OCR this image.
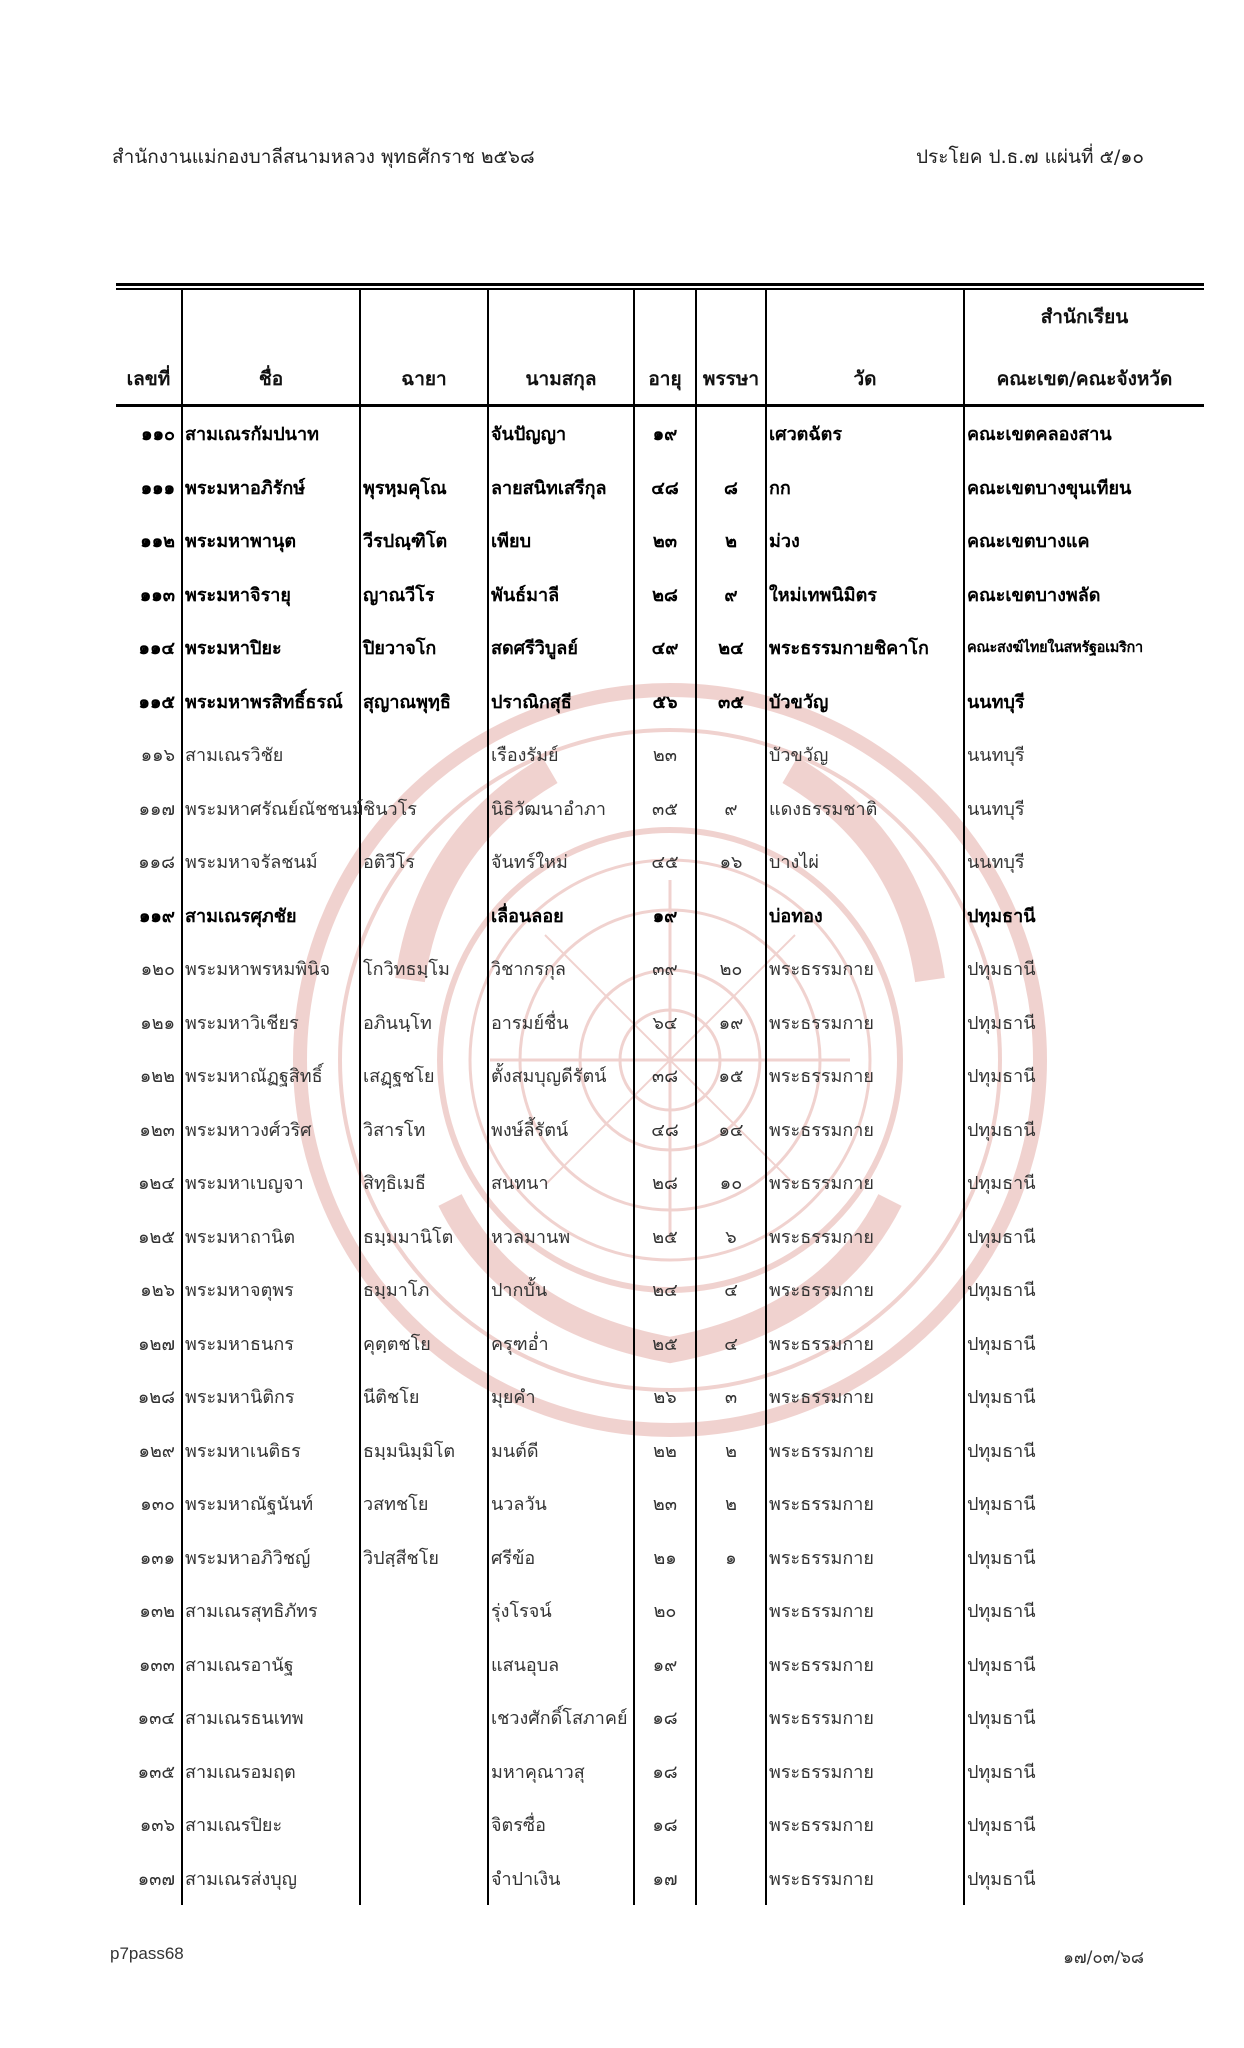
สำนักงานแม่กองบาลีสนามหลวง พุทธศักราช ๒๕๖๘	ประโยค ป.ธ.๗ แผ่นที่ ๕/๑๐
เลขที่	ชื่อ	ฉายา	นามสกุล	อายุ	พรรษา	วัด	สำนักเรียน
คณะเขต/คณะจังหวัด
๑๑๐	สามเณรกัมปนาท		จันปัญญา	๑๙		เศวตฉัตร	คณะเขตคลองสาน
๑๑๑	พระมหาอภิรักษ์	พุรหฺมคุโณ	ลายสนิทเสรีกุล	๔๘	๘	กก	คณะเขตบางขุนเทียน
๑๑๒	พระมหาพานุต	วีรปณฺฑิโต	เพียบ	๒๓	๒	ม่วง	คณะเขตบางแค
๑๑๓	พระมหาจิรายุ	ญาณวีโร	พันธ์มาลี	๒๘	๙	ใหม่เทพนิมิตร	คณะเขตบางพลัด
๑๑๔	พระมหาปิยะ	ปิยวาจโก	สดศรีวิบูลย์	๔๙	๒๔	พระธรรมกายชิคาโก	คณะสงฆ์ไทยในสหรัฐอเมริกา
๑๑๕	พระมหาพรสิทธิ์ธรณ์	สุญาณพุทฺธิ	ปราณิกสุธี	๕๖	๓๕	บัวขวัญ	นนทบุรี
๑๑๖	สามเณรวิชัย		เรืองรัมย์	๒๓		บัวขวัญ	นนทบุรี
๑๑๗	พระมหาศรัณย์ณัชชนม์	ชินวโร	นิธิวัฒนาอำภา	๓๕	๙	แดงธรรมชาติ	นนทบุรี
๑๑๘	พระมหาจรัลชนม์	อติวีโร	จันทร์ใหม่	๔๕	๑๖	บางไผ่	นนทบุรี
๑๑๙	สามเณรศุภชัย		เลื่อนลอย	๑๙		บ่อทอง	ปทุมธานี
๑๒๐	พระมหาพรหมพินิจ	โกวิทธมฺโม	วิชากรกุล	๓๙	๒๐	พระธรรมกาย	ปทุมธานี
๑๒๑	พระมหาวิเชียร	อภินนฺโท	อารมย์ชื่น	๖๔	๑๙	พระธรรมกาย	ปทุมธานี
๑๒๒	พระมหาณัฏฐสิทธิ์	เสฏฺฐชโย	ตั้งสมบุญดีรัตน์	๓๘	๑๕	พระธรรมกาย	ปทุมธานี
๑๒๓	พระมหาวงศ์วริศ	วิสารโท	พงษ์ลี้รัตน์	๔๘	๑๔	พระธรรมกาย	ปทุมธานี
๑๒๔	พระมหาเบญจา	สิทฺธิเมธี	สนทนา	๒๘	๑๐	พระธรรมกาย	ปทุมธานี
๑๒๕	พระมหาถานิต	ธมฺมมานิโต	หวลมานพ	๒๕	๖	พระธรรมกาย	ปทุมธานี
๑๒๖	พระมหาจตุพร	ธมฺมาโภ	ปากบั้น	๒๔	๔	พระธรรมกาย	ปทุมธานี
๑๒๗	พระมหาธนกร	คุตฺตชโย	ครุฑอ่ำ	๒๕	๔	พระธรรมกาย	ปทุมธานี
๑๒๘	พระมหานิติกร	นีติชโย	มุยคำ	๒๖	๓	พระธรรมกาย	ปทุมธานี
๑๒๙	พระมหาเนติธร	ธมฺมนิมฺมิโต	มนต์ดี	๒๒	๒	พระธรรมกาย	ปทุมธานี
๑๓๐	พระมหาณัฐนันท์	วสทชโย	นวลวัน	๒๓	๒	พระธรรมกาย	ปทุมธานี
๑๓๑	พระมหาอภิวิชญ์	วิปสฺสีชโย	ศรีข้อ	๒๑	๑	พระธรรมกาย	ปทุมธานี
๑๓๒	สามเณรสุทธิภัทร		รุ่งโรจน์	๒๐		พระธรรมกาย	ปทุมธานี
๑๓๓	สามเณรอานัฐ		แสนอุบล	๑๙		พระธรรมกาย	ปทุมธานี
๑๓๔	สามเณรธนเทพ		เชวงศักดิ์โสภาคย์	๑๘		พระธรรมกาย	ปทุมธานี
๑๓๕	สามเณรอมฤต		มหาคุณาวสุ	๑๘		พระธรรมกาย	ปทุมธานี
๑๓๖	สามเณรปิยะ		จิตรซื่อ	๑๘		พระธรรมกาย	ปทุมธานี
๑๓๗	สามเณรส่งบุญ		จำปาเงิน	๑๗		พระธรรมกาย	ปทุมธานี
p7pass68	๑๗/๐๓/๖๘
